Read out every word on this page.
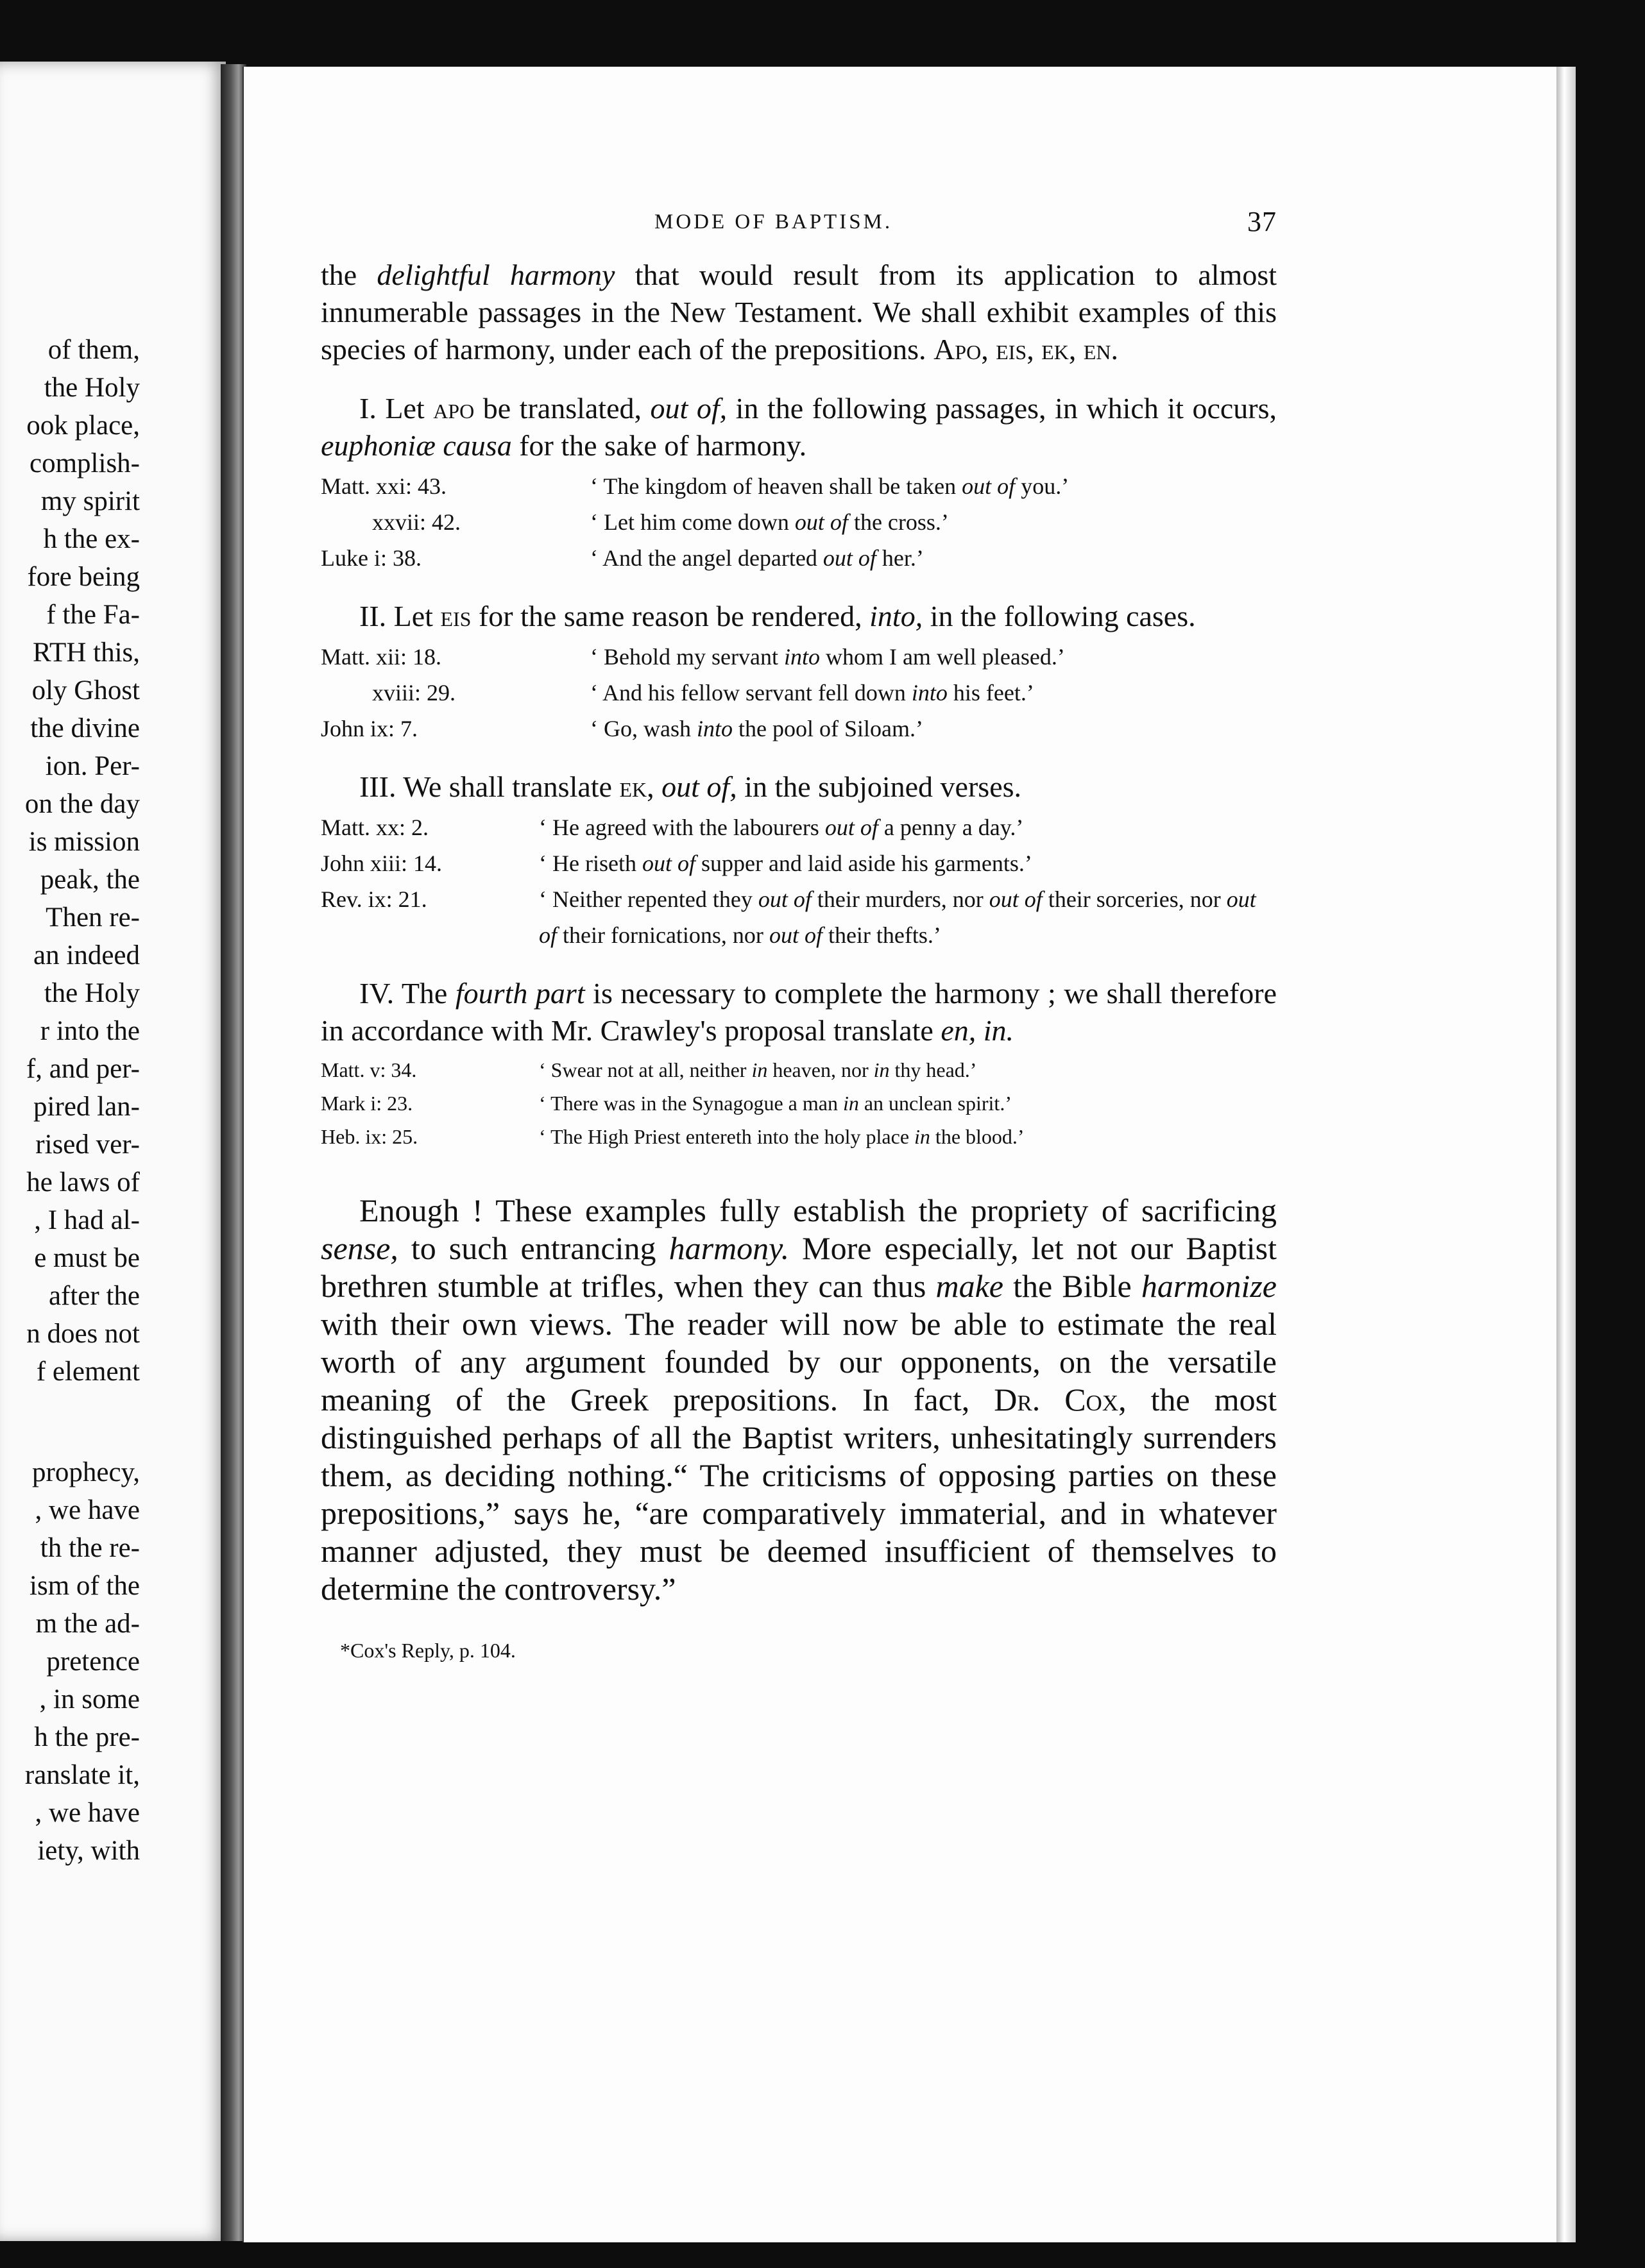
of them,
the Holy
ook place,
complish-
my spirit
h the ex-
fore being
f the Fa-
RTH this,
oly Ghost
the divine
ion. Per-
on the day
is mission
peak, the
Then re-
an indeed
the Holy
r into the
f, and per-
pired lan-
rised ver-
he laws of
, I had al-
e must be
after the
n does not
f element
prophecy,
, we have
th the re-
ism of the
m the ad-
pretence
, in some
h the pre-
ranslate it,
, we have
iety, with
MODE OF BAPTISM.	37
the delightful harmony that would result from its application to almost innumerable passages in the New Testament. We shall exhibit examples of this species of harmony, under each of the prepositions. Apo, eis, ek, en.
I. Let apo be translated, out of, in the following passages, in which it occurs, euphoniæ causa for the sake of harmony.
Matt. xxi: 43.	‘ The kingdom of heaven shall be taken out of you.’
xxvii: 42.	‘ Let him come down out of the cross.’
Luke i: 38.	‘ And the angel departed out of her.’
II. Let eis for the same reason be rendered, into, in the following cases.
Matt. xii: 18.	‘ Behold my servant into whom I am well pleased.’
xviii: 29.	‘ And his fellow servant fell down into his feet.’
John ix: 7.	‘ Go, wash into the pool of Siloam.’
III. We shall translate ek, out of, in the subjoined verses.
Matt. xx: 2.	‘ He agreed with the labourers out of a penny a day.’
John xiii: 14.	‘ He riseth out of supper and laid aside his garments.’
Rev. ix: 21.	‘ Neither repented they out of their murders, nor out of their sorceries, nor out of their fornications, nor out of their thefts.’
IV. The fourth part is necessary to complete the harmony ; we shall therefore in accordance with Mr. Crawley's proposal translate en, in.
Matt. v: 34.	‘ Swear not at all, neither in heaven, nor in thy head.’
Mark i: 23.	‘ There was in the Synagogue a man in an unclean spirit.’
Heb. ix: 25.	‘ The High Priest entereth into the holy place in the blood.’
Enough ! These examples fully establish the propriety of sacrificing sense, to such entrancing harmony. More especially, let not our Baptist brethren stumble at trifles, when they can thus make the Bible harmonize with their own views. The reader will now be able to estimate the real worth of any argument founded by our opponents, on the versatile meaning of the Greek prepositions. In fact, Dr. Cox, the most distinguished perhaps of all the Baptist writers, unhesitatingly surrenders them, as deciding nothing.“ The criticisms of opposing parties on these prepositions,” says he, “are comparatively immaterial, and in whatever manner adjusted, they must be deemed insufficient of themselves to determine the controversy.”
*Cox's Reply, p. 104.
